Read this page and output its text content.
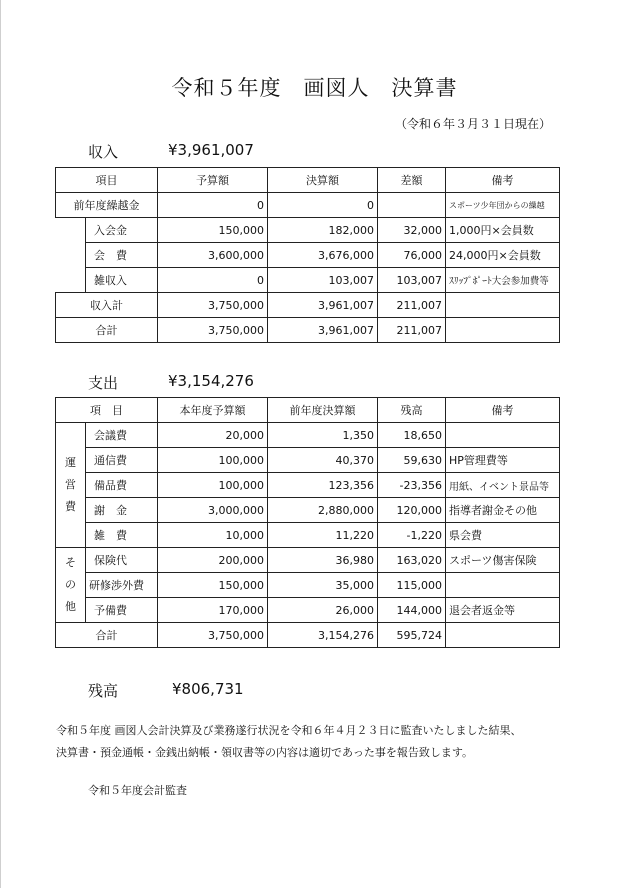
令和５年度　画図人　決算書
（令和６年３月３１日現在）
収入	¥3,961,007
項目		予算額	決算額	差額	備考
前年度繰越金		0	0		スポーツ少年団からの繰越
	入会金	150,000	182,000	32,000	1,000円×会員数
	会　費	3,600,000	3,676,000	76,000	24,000円×会員数
	雑収入	0	103,007	103,007	ｽﾘｯﾌﾟﾎﾟｰﾄ大会参加費等
収入計		3,750,000	3,961,007	211,007	
合計		3,750,000	3,961,007	211,007	
支出	¥3,154,276
項　目		本年度予算額	前年度決算額	残高	備考

運
営
費	会議費	20,000	1,350	18,650	
	通信費	100,000	40,370	59,630	HP管理費等
	備品費	100,000	123,356	-23,356	用紙、イベント景品等
	謝　金	3,000,000	2,880,000	120,000	指導者謝金その他
	雑　費	10,000	11,220	-1,220	県会費

そ
の
他	保険代	200,000	36,980	163,020	スポーツ傷害保険
	研修渉外費	150,000	35,000	115,000	
	予備費	170,000	26,000	144,000	退会者返金等
合計		3,750,000	3,154,276	595,724	
残高	¥806,731
令和５年度 画図人会計決算及び業務遂行状況を令和６年４月２３日に監査いたしました結果、
決算書・預金通帳・金銭出納帳・領収書等の内容は適切であった事を報告致します。
令和５年度会計監査
